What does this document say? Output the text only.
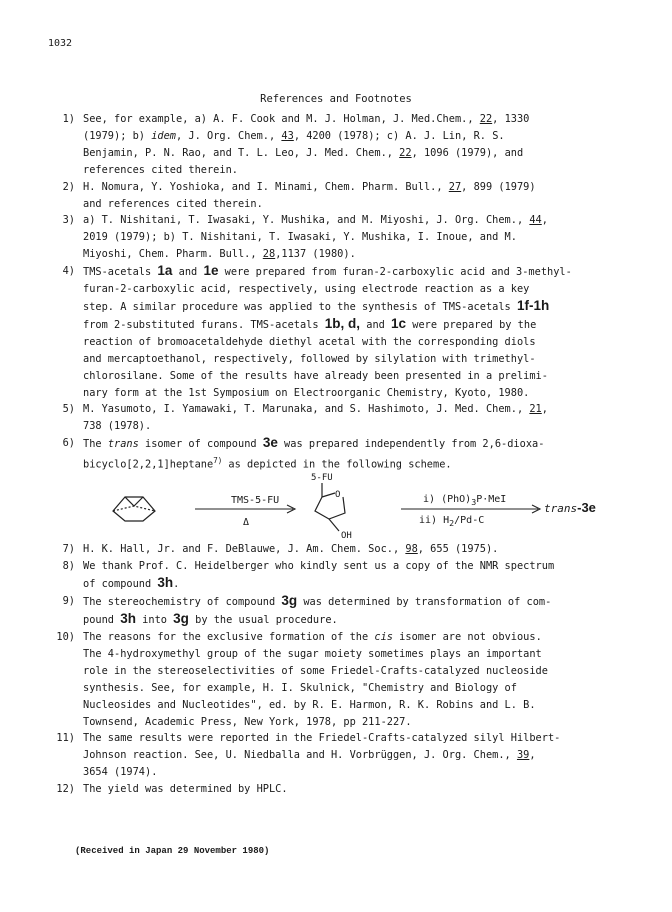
1032
References and Footnotes
1) See, for example, a) A. F. Cook and M. J. Holman, J. Med.Chem., 22, 1330
(1979); b) idem, J. Org. Chem., 43, 4200 (1978); c) A. J. Lin, R. S.
Benjamin, P. N. Rao, and T. L. Leo, J. Med. Chem., 22, 1096 (1979), and
references cited therein.
2) H. Nomura, Y. Yoshioka, and I. Minami, Chem. Pharm. Bull., 27, 899 (1979)
and references cited therein.
3) a) T. Nishitani, T. Iwasaki, Y. Mushika, and M. Miyoshi, J. Org. Chem., 44,
2019 (1979); b) T. Nishitani, T. Iwasaki, Y. Mushika, I. Inoue, and M.
Miyoshi, Chem. Pharm. Bull., 28,1137 (1980).
4) TMS-acetals 1a and 1e were prepared from furan-2-carboxylic acid and 3-methyl-
furan-2-carboxylic acid, respectively, using electrode reaction as a key
step. A similar procedure was applied to the synthesis of TMS-acetals 1f-1h
from 2-substituted furans. TMS-acetals 1b, d, and 1c were prepared by the
reaction of bromoacetaldehyde diethyl acetal with the corresponding diols
and mercaptoethanol, respectively, followed by silylation with trimethyl-
chlorosilane. Some of the results have already been presented in a prelimi-
nary form at the 1st Symposium on Electroorganic Chemistry, Kyoto, 1980.
5) M. Yasumoto, I. Yamawaki, T. Marunaka, and S. Hashimoto, J. Med. Chem., 21,
738 (1978).
6) The trans isomer of compound 3e was prepared independently from 2,6-dioxa-
bicyclo[2,2,1]heptane$^{7)}$ as depicted in the following scheme.
TMS-5-FU
Δ
5-FU
O
OH
i) $(PhO)_3P\cdot MeI$
ii) $H_2/Pd-C$
trans-3e
7) H. K. Hall, Jr. and F. DeBlauwe, J. Am. Chem. Soc., 98, 655 (1975).
8) We thank Prof. C. Heidelberger who kindly sent us a copy of the NMR spectrum
of compound 3h.
9) The stereochemistry of compound 3g was determined by transformation of com-
pound 3h into 3g by the usual procedure.
10) The reasons for the exclusive formation of the cis isomer are not obvious.
The 4-hydroxymethyl group of the sugar moiety sometimes plays an important
role in the stereoselectivities of some Friedel-Crafts-catalyzed nucleoside
synthesis. See, for example, H. I. Skulnick, "Chemistry and Biology of
Nucleosides and Nucleotides", ed. by R. E. Harmon, R. K. Robins and L. B.
Townsend, Academic Press, New York, 1978, pp 211-227.
11) The same results were reported in the Friedel-Crafts-catalyzed silyl Hilbert-
Johnson reaction. See, U. Niedballa and H. Vorbrüggen, J. Org. Chem., 39,
3654 (1974).
12) The yield was determined by HPLC.
(Received in Japan 29 November 1980)
